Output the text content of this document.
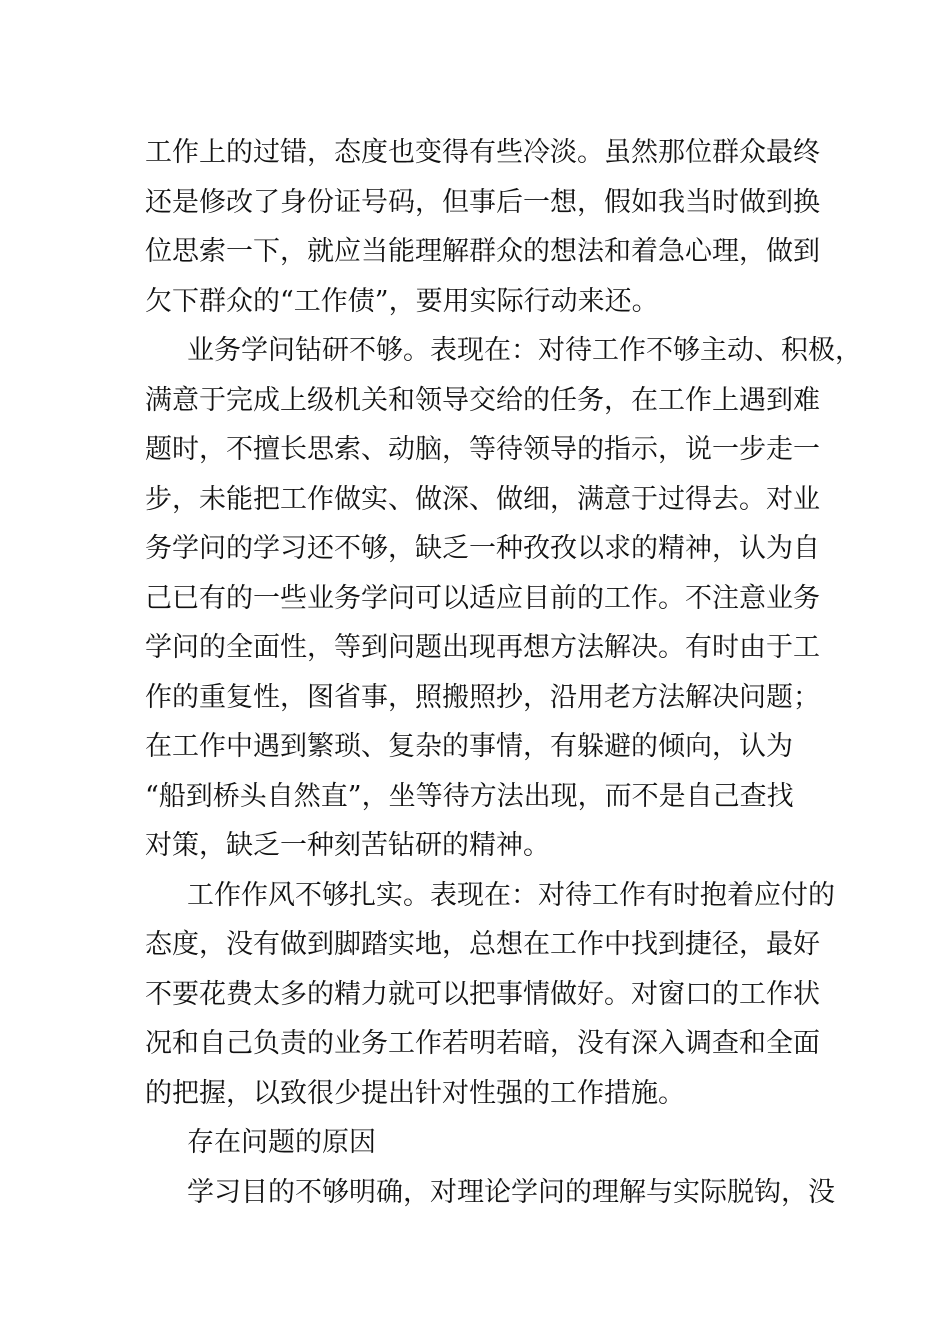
工作上的过错，态度也变得有些冷淡。虽然那位群众最终
还是修改了身份证号码，但事后一想，假如我当时做到换
位思索一下，就应当能理解群众的想法和着急心理，做到
欠下群众的“工作债”，要用实际行动来还。
业务学问钻研不够。表现在：对待工作不够主动、积极，
满意于完成上级机关和领导交给的任务，在工作上遇到难
题时，不擅长思索、动脑，等待领导的指示，说一步走一
步，未能把工作做实、做深、做细，满意于过得去。对业
务学问的学习还不够，缺乏一种孜孜以求的精神，认为自
己已有的一些业务学问可以适应目前的工作。不注意业务
学问的全面性，等到问题出现再想方法解决。有时由于工
作的重复性，图省事，照搬照抄，沿用老方法解决问题；
在工作中遇到繁琐、复杂的事情，有躲避的倾向，认为
“船到桥头自然直”，坐等待方法出现，而不是自己查找
对策，缺乏一种刻苦钻研的精神。
工作作风不够扎实。表现在：对待工作有时抱着应付的
态度，没有做到脚踏实地，总想在工作中找到捷径，最好
不要花费太多的精力就可以把事情做好。对窗口的工作状
况和自己负责的业务工作若明若暗，没有深入调查和全面
的把握，以致很少提出针对性强的工作措施。
存在问题的原因
学习目的不够明确，对理论学问的理解与实际脱钩，没
